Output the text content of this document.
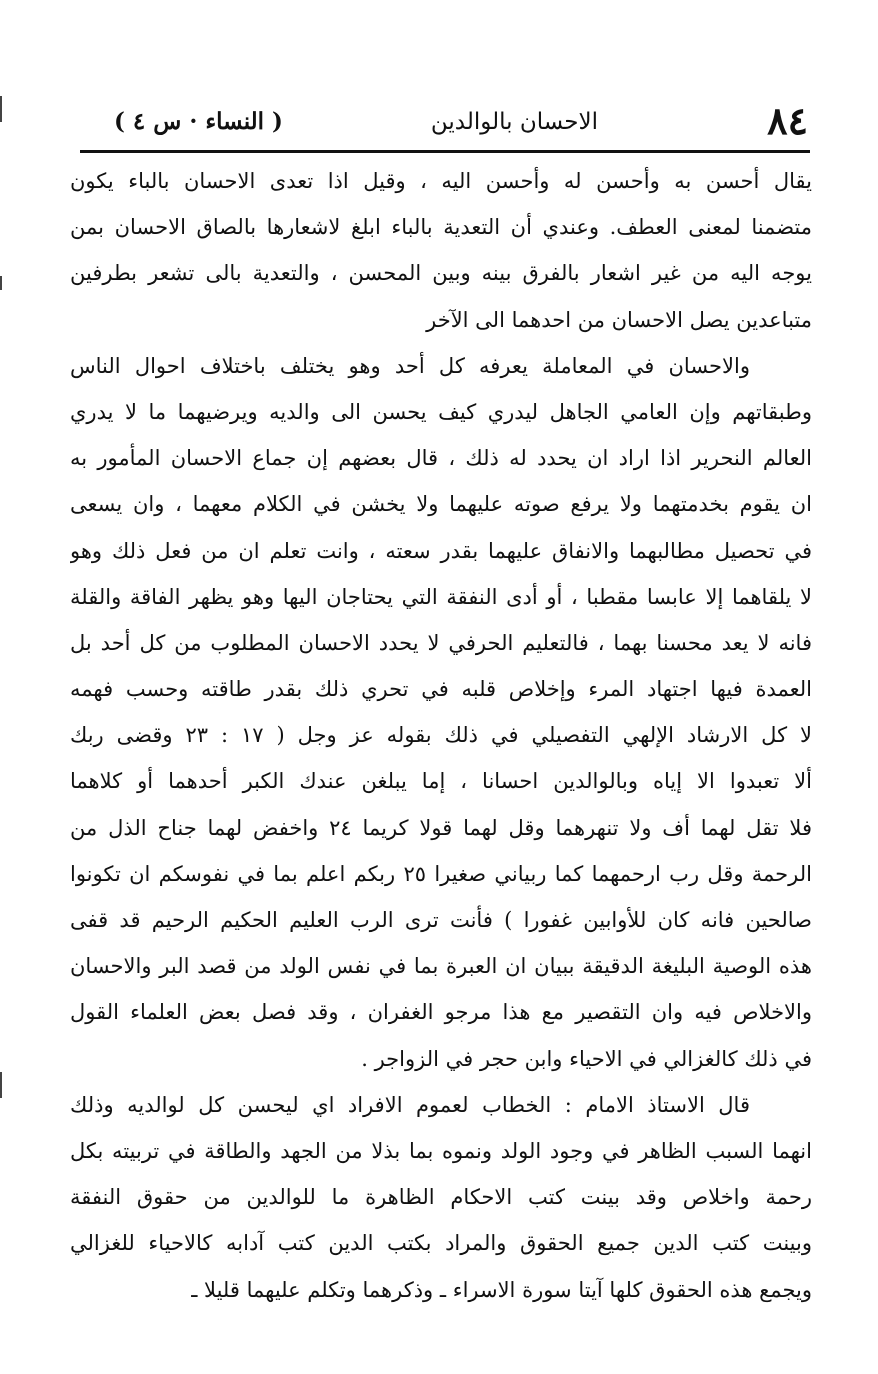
٨٤
الاحسان بالوالدين
( النساء · س ٤ )
يقال أحسن به وأحسن له وأحسن اليه ، وقيل اذا تعدى الاحسان بالباء يكون
متضمنا لمعنى العطف. وعندي أن التعدية بالباء ابلغ لاشعارها بالصاق الاحسان بمن
يوجه اليه من غير اشعار بالفرق بينه وبين المحسن ، والتعدية بالى تشعر بطرفين
متباعدين يصل الاحسان من احدهما الى الآخر
والاحسان في المعاملة يعرفه كل أحد وهو يختلف باختلاف احوال الناس
وطبقاتهم وإن العامي الجاهل ليدري كيف يحسن الى والديه ويرضيهما ما لا يدري
العالم النحرير اذا اراد ان يحدد له ذلك ، قال بعضهم إن جماع الاحسان المأمور به
ان يقوم بخدمتهما ولا يرفع صوته عليهما ولا يخشن في الكلام معهما ، وان يسعى
في تحصيل مطالبهما والانفاق عليهما بقدر سعته ، وانت تعلم ان من فعل ذلك وهو
لا يلقاهما إلا عابسا مقطبا ، أو أدى النفقة التي يحتاجان اليها وهو يظهر الفاقة والقلة
فانه لا يعد محسنا بهما ، فالتعليم الحرفي لا يحدد الاحسان المطلوب من كل أحد بل
العمدة فيها اجتهاد المرء وإخلاص قلبه في تحري ذلك بقدر طاقته وحسب فهمه
لا كل الارشاد الإلهي التفصيلي في ذلك بقوله عز وجل ( ١٧ : ٢٣ وقضى ربك
ألا تعبدوا الا إياه وبالوالدين احسانا ، إما يبلغن عندك الكبر أحدهما أو كلاهما
فلا تقل لهما أف ولا تنهرهما وقل لهما قولا كريما ٢٤ واخفض لهما جناح الذل من
الرحمة وقل رب ارحمهما كما ربياني صغيرا ٢٥ ربكم اعلم بما في نفوسكم ان تكونوا
صالحين فانه كان للأوابين غفورا ) فأنت ترى الرب العليم الحكيم الرحيم قد قفى
هذه الوصية البليغة الدقيقة ببيان ان العبرة بما في نفس الولد من قصد البر والاحسان
والاخلاص فيه وان التقصير مع هذا مرجو الغفران ، وقد فصل بعض العلماء القول
في ذلك كالغزالي في الاحياء وابن حجر في الزواجر .
قال الاستاذ الامام : الخطاب لعموم الافراد اي ليحسن كل لوالديه وذلك
انهما السبب الظاهر في وجود الولد ونموه بما بذلا من الجهد والطاقة في تربيته بكل
رحمة واخلاص وقد بينت كتب الاحكام الظاهرة ما للوالدين من حقوق النفقة
وبينت كتب الدين جميع الحقوق والمراد بكتب الدين كتب آدابه كالاحياء للغزالي
ويجمع هذه الحقوق كلها آيتا سورة الاسراء ـ وذكرهما وتكلم عليهما قليلا ـ
